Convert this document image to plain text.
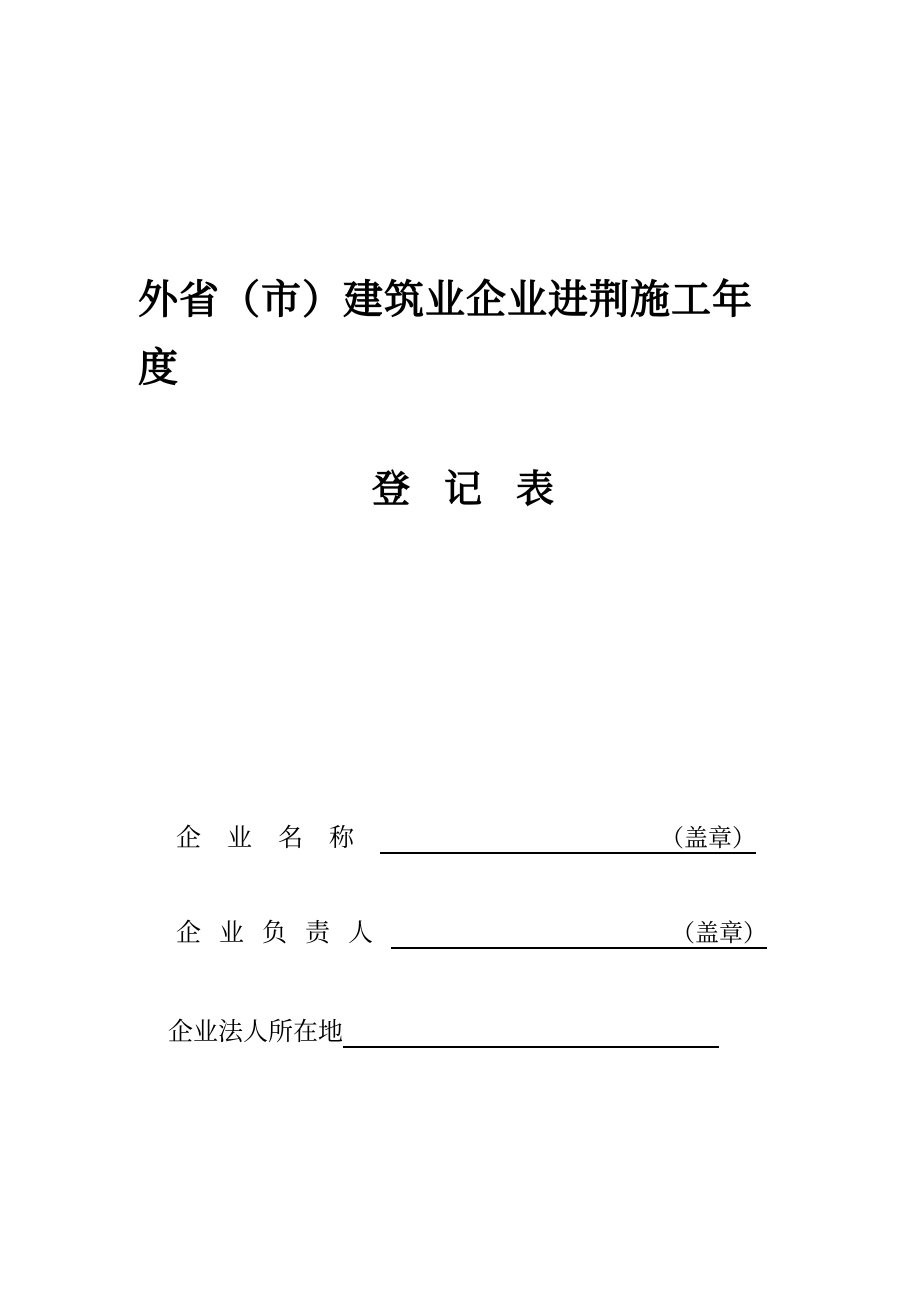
外省（市）建筑业企业进荆施工年度
登记表
企业名称	（盖章）
企业负责人	（盖章）
企业法人所在地
